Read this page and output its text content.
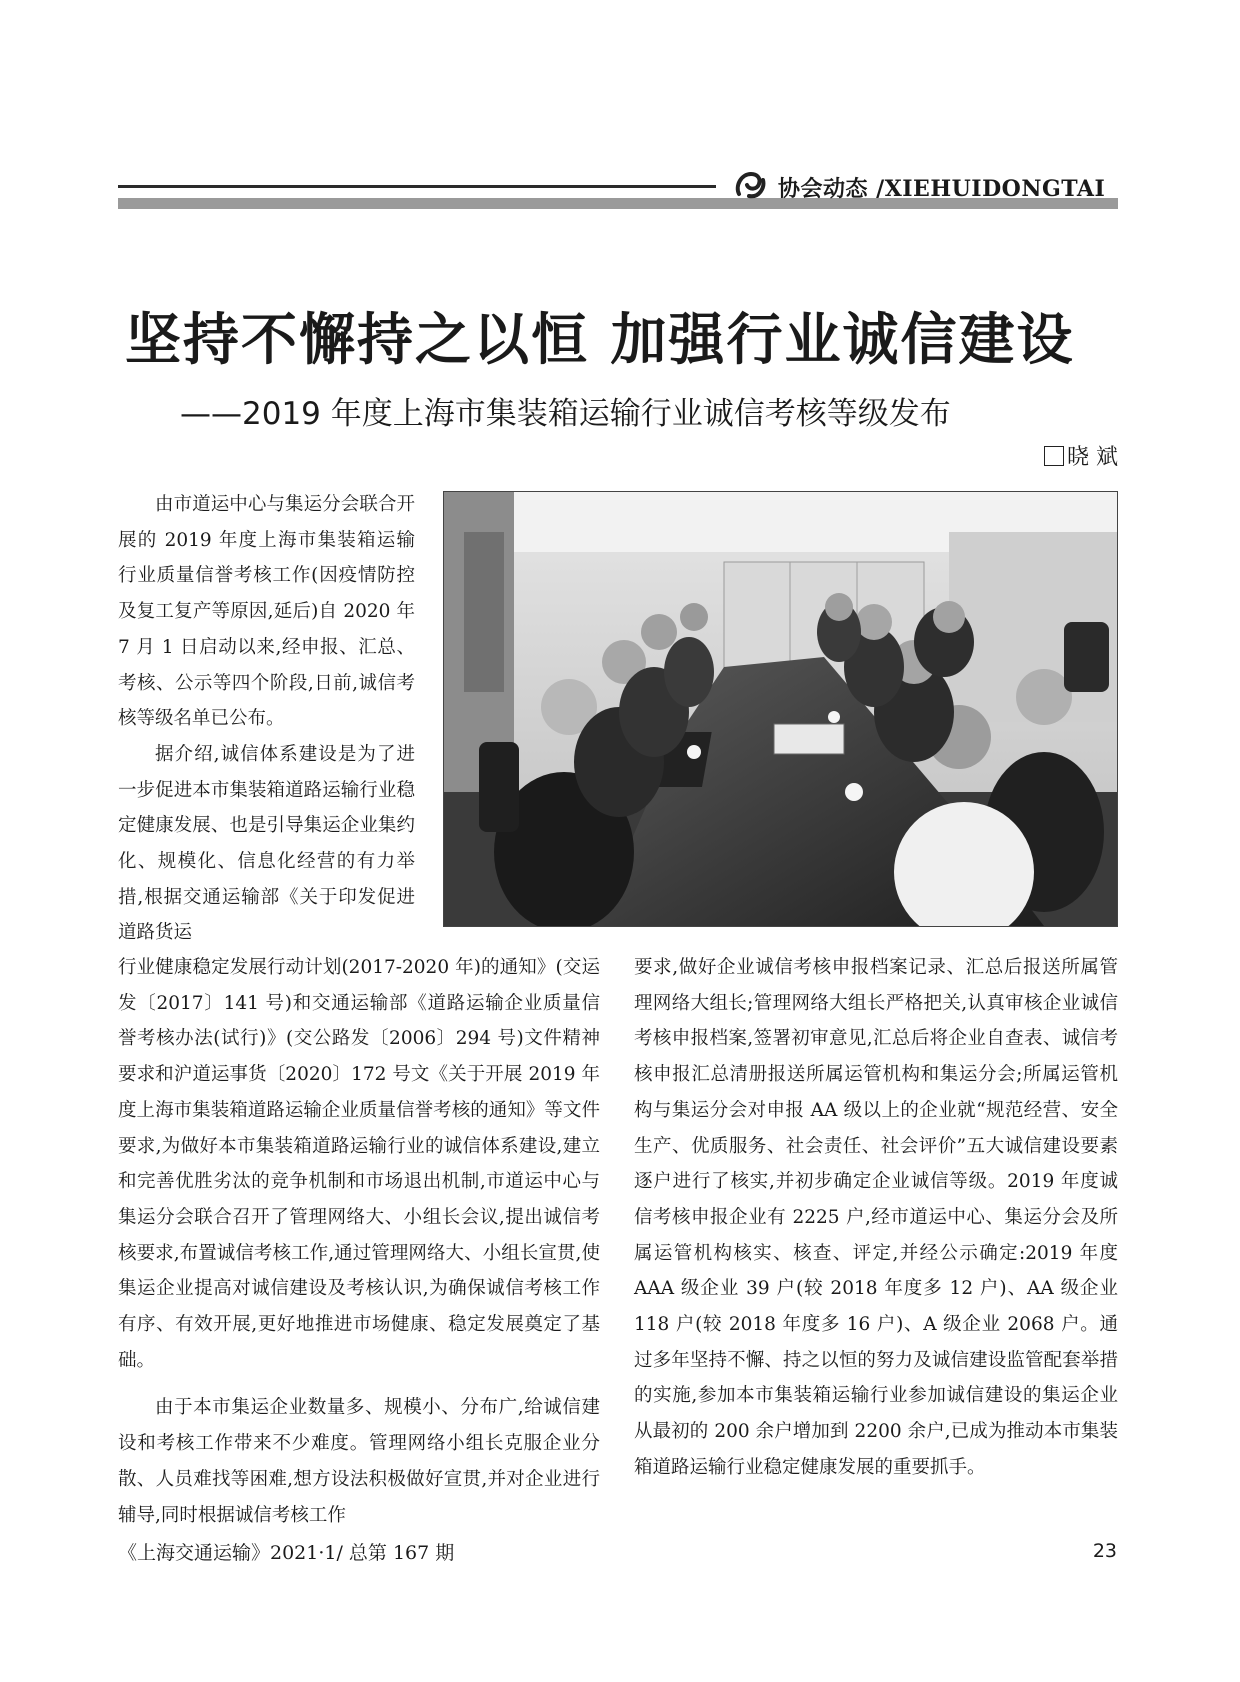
协会动态 /XIEHUIDONGTAI
坚持不懈持之以恒 加强行业诚信建设
——2019 年度上海市集装箱运输行业诚信考核等级发布
晓 斌

由市道运中心与集运分会联合开展的 2019 年度上海市集装箱运输行业质量信誉考核工作(因疫情防控及复工复产等原因,延后)自 2020 年 7 月 1 日启动以来,经申报、汇总、考核、公示等四个阶段,日前,诚信考核等级名单已公布。

据介绍,诚信体系建设是为了进一步促进本市集装箱道路运输行业稳定健康发展、也是引导集运企业集约化、规模化、信息化经营的有力举措,根据交通运输部《关于印发促进道路货运

行业健康稳定发展行动计划(2017-2020 年)的通知》(交运发〔2017〕141 号)和交通运输部《道路运输企业质量信誉考核办法(试行)》(交公路发〔2006〕294 号)文件精神要求和沪道运事货〔2020〕172 号文《关于开展 2019 年度上海市集装箱道路运输企业质量信誉考核的通知》等文件要求,为做好本市集装箱道路运输行业的诚信体系建设,建立和完善优胜劣汰的竞争机制和市场退出机制,市道运中心与集运分会联合召开了管理网络大、小组长会议,提出诚信考核要求,布置诚信考核工作,通过管理网络大、小组长宣贯,使集运企业提高对诚信建设及考核认识,为确保诚信考核工作有序、有效开展,更好地推进市场健康、稳定发展奠定了基础。

由于本市集运企业数量多、规模小、分布广,给诚信建设和考核工作带来不少难度。管理网络小组长克服企业分散、人员难找等困难,想方设法积极做好宣贯,并对企业进行辅导,同时根据诚信考核工作

要求,做好企业诚信考核申报档案记录、汇总后报送所属管理网络大组长;管理网络大组长严格把关,认真审核企业诚信考核申报档案,签署初审意见,汇总后将企业自查表、诚信考核申报汇总清册报送所属运管机构和集运分会;所属运管机构与集运分会对申报 AA 级以上的企业就“规范经营、安全生产、优质服务、社会责任、社会评价”五大诚信建设要素逐户进行了核实,并初步确定企业诚信等级。2019 年度诚信考核申报企业有 2225 户,经市道运中心、集运分会及所属运管机构核实、核查、评定,并经公示确定:2019 年度 AAA 级企业 39 户(较 2018 年度多 12 户)、AA 级企业 118 户(较 2018 年度多 16 户)、A 级企业 2068 户。通过多年坚持不懈、持之以恒的努力及诚信建设监管配套举措的实施,参加本市集装箱运输行业参加诚信建设的集运企业从最初的 200 余户增加到 2200 余户,已成为推动本市集装箱道路运输行业稳定健康发展的重要抓手。

《上海交通运输》2021·1/ 总第 167 期	23
